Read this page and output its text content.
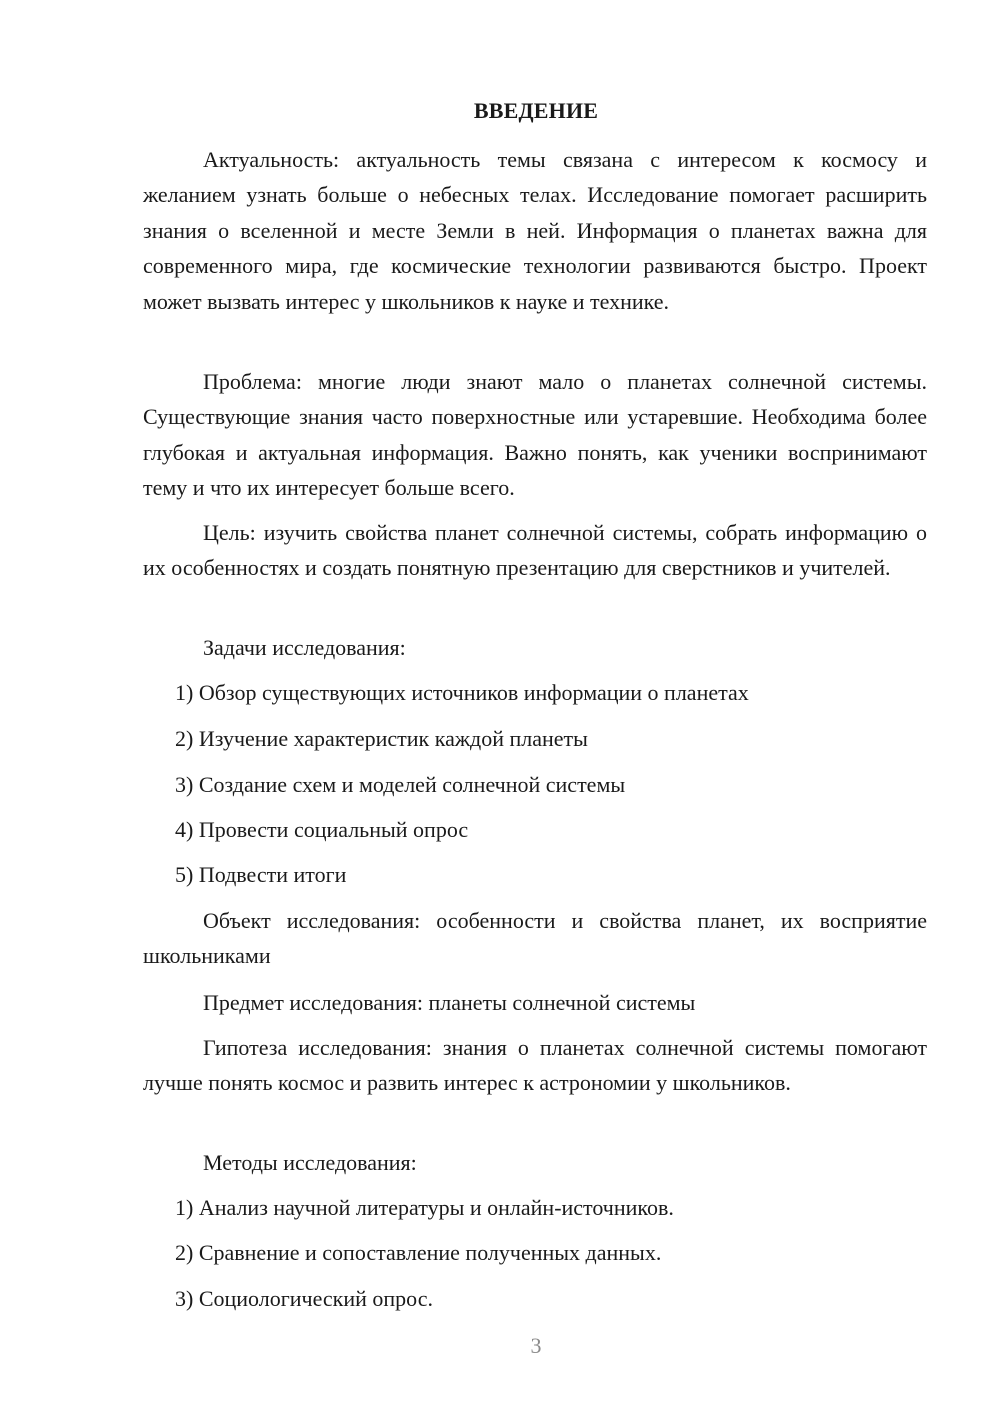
ВВЕДЕНИЕ

Актуальность: актуальность темы связана с интересом к космосу и желанием узнать больше о небесных телах. Исследование помогает расширить знания о вселенной и месте Земли в ней. Информация о планетах важна для современного мира, где космические технологии развиваются быстро. Проект может вызвать интерес у школьников к науке и технике.

Проблема: многие люди знают мало о планетах солнечной системы. Существующие знания часто поверхностные или устаревшие. Необходима более глубокая и актуальная информация. Важно понять, как ученики воспринимают тему и что их интересует больше всего.

Цель: изучить свойства планет солнечной системы, собрать информацию о их особенностях и создать понятную презентацию для сверстников и учителей.

Задачи исследования:
1) Обзор существующих источников информации о планетах
2) Изучение характеристик каждой планеты
3) Создание схем и моделей солнечной системы
4) Провести социальный опрос
5) Подвести итоги

Объект исследования: особенности и свойства планет, их восприятие школьниками

Предмет исследования: планеты солнечной системы

Гипотеза исследования: знания о планетах солнечной системы помогают лучше понять космос и развить интерес к астрономии у школьников.

Методы исследования:
1) Анализ научной литературы и онлайн-источников.
2) Сравнение и сопоставление полученных данных.
3) Социологический опрос.
3
